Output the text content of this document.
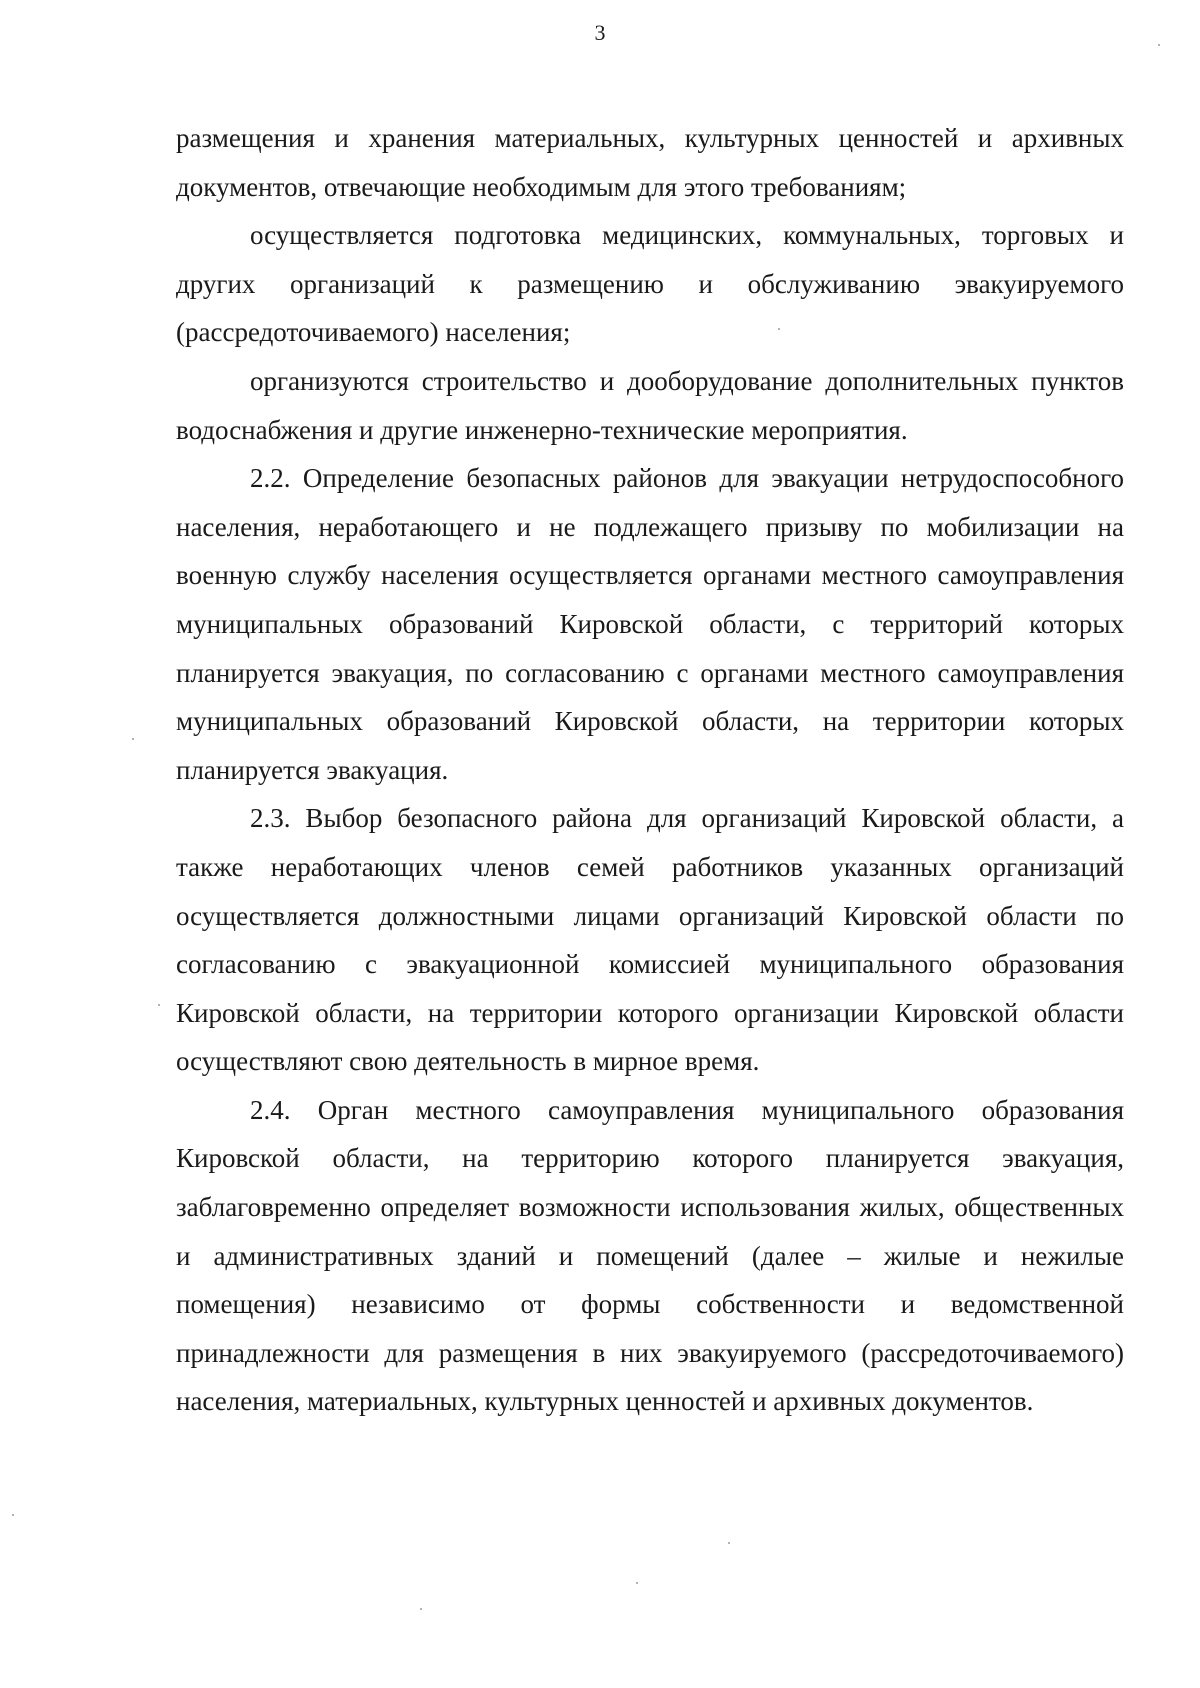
3

размещения и хранения материальных, культурных ценностей и архивных документов, отвечающие необходимым для этого требованиям;

осуществляется подготовка медицинских, коммунальных, торговых и других организаций к размещению и обслуживанию эвакуируемого (рассредоточиваемого) населения;

организуются строительство и дооборудование дополнительных пунктов водоснабжения и другие инженерно-технические мероприятия.

2.2. Определение безопасных районов для эвакуации нетрудоспособного населения, неработающего и не подлежащего призыву по мобилизации на военную службу населения осуществляется органами местного самоуправления муниципальных образований Кировской области, с территорий которых планируется эвакуация, по согласованию с органами местного самоуправления муниципальных образований Кировской области, на территории которых планируется эвакуация.

2.3. Выбор безопасного района для организаций Кировской области, а также неработающих членов семей работников указанных организаций осуществляется должностными лицами организаций Кировской области по согласованию с эвакуационной комиссией муниципального образования Кировской области, на территории которого организации Кировской области осуществляют свою деятельность в мирное время.

2.4. Орган местного самоуправления муниципального образования Кировской области, на территорию которого планируется эвакуация, заблаговременно определяет возможности использования жилых, общественных и административных зданий и помещений (далее – жилые и нежилые помещения) независимо от формы собственности и ведомственной принадлежности для размещения в них эвакуируемого (рассредоточиваемого) населения, материальных, культурных ценностей и архивных документов.
